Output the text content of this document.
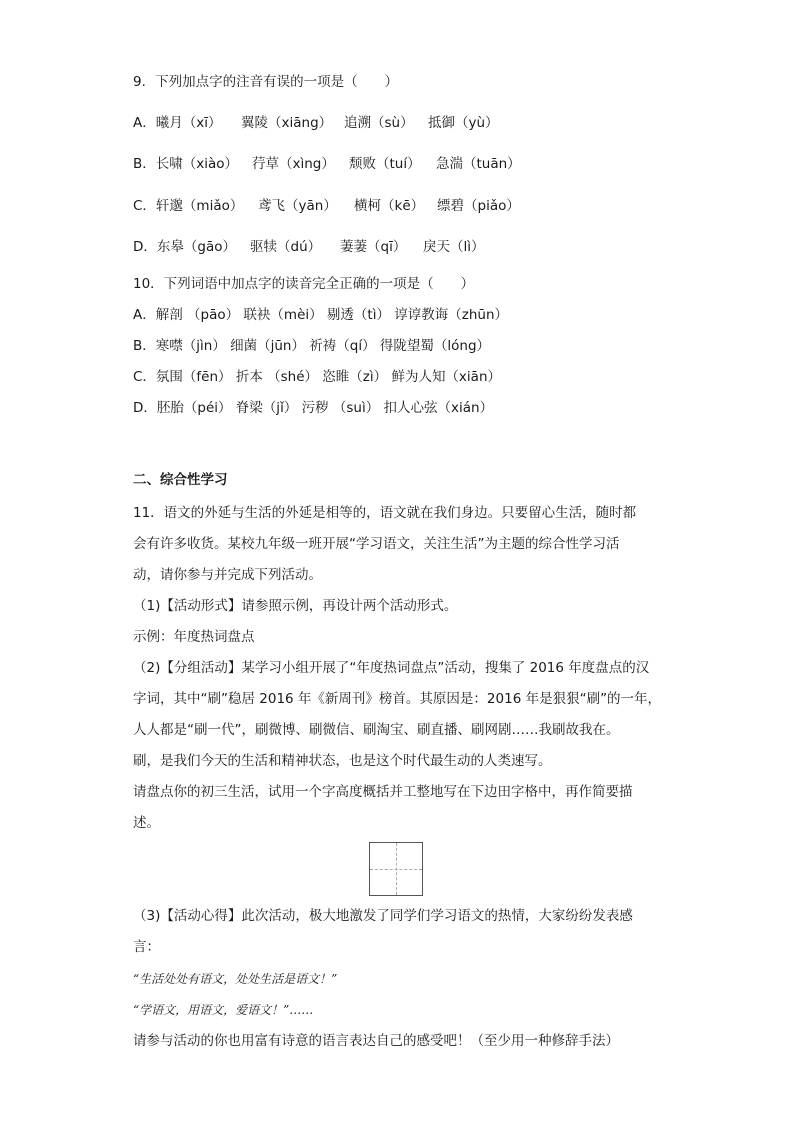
9．下列加点字的注音有误的一项是（　　）
A．曦月（xī） 翼陵（xiāng） 追溯（sù） 抵御（yù）
B．长啸（xiào） 荇草（xìng） 颓败（tuí） 急湍（tuān）
C．轩邈（miǎo） 鸢飞（yān） 横柯（kē） 缥碧（piǎo）
D．东皋（gāo） 驱犊（dú） 萋萋（qī） 戾天（lì）
10．下列词语中加点字的读音完全正确的一项是（　　）
A．解剖 （pāo） 联袂（mèi） 剔透（tì） 谆谆教诲（zhūn）
B．寒噤（jìn） 细菌（jūn） 祈祷（qí） 得陇望蜀（lóng）
C．氛围（fēn） 折本 （shé） 恣睢（zì） 鲜为人知（xiān）
D．胚胎（péi） 脊梁（jǐ） 污秽 （suì） 扣人心弦（xián）
二、综合性学习
11．语文的外延与生活的外延是相等的，语文就在我们身边。只要留心生活，随时都
会有许多收货。某校九年级一班开展“学习语文，关注生活”为主题的综合性学习活
动，请你参与并完成下列活动。
（1)【活动形式】请参照示例，再设计两个活动形式。
示例：年度热词盘点
（2)【分组活动】某学习小组开展了“年度热词盘点”活动，搜集了 2016 年度盘点的汉
字词，其中“刷”稳居 2016 年《新周刊》榜首。其原因是：2016 年是狠狠“刷”的一年，
人人都是“刷一代”，刷微博、刷微信、刷淘宝、刷直播、刷网剧……我刷故我在。
刷，是我们今天的生活和精神状态，也是这个时代最生动的人类速写。
请盘点你的初三生活，试用一个字高度概括并工整地写在下边田字格中，再作简要描
述。
（3)【活动心得】此次活动，极大地激发了同学们学习语文的热情，大家纷纷发表感
言：
“生活处处有语文，处处生活是语文！”
“学语文，用语文，爱语文！”……
请参与活动的你也用富有诗意的语言表达自己的感受吧！（至少用一种修辞手法）
